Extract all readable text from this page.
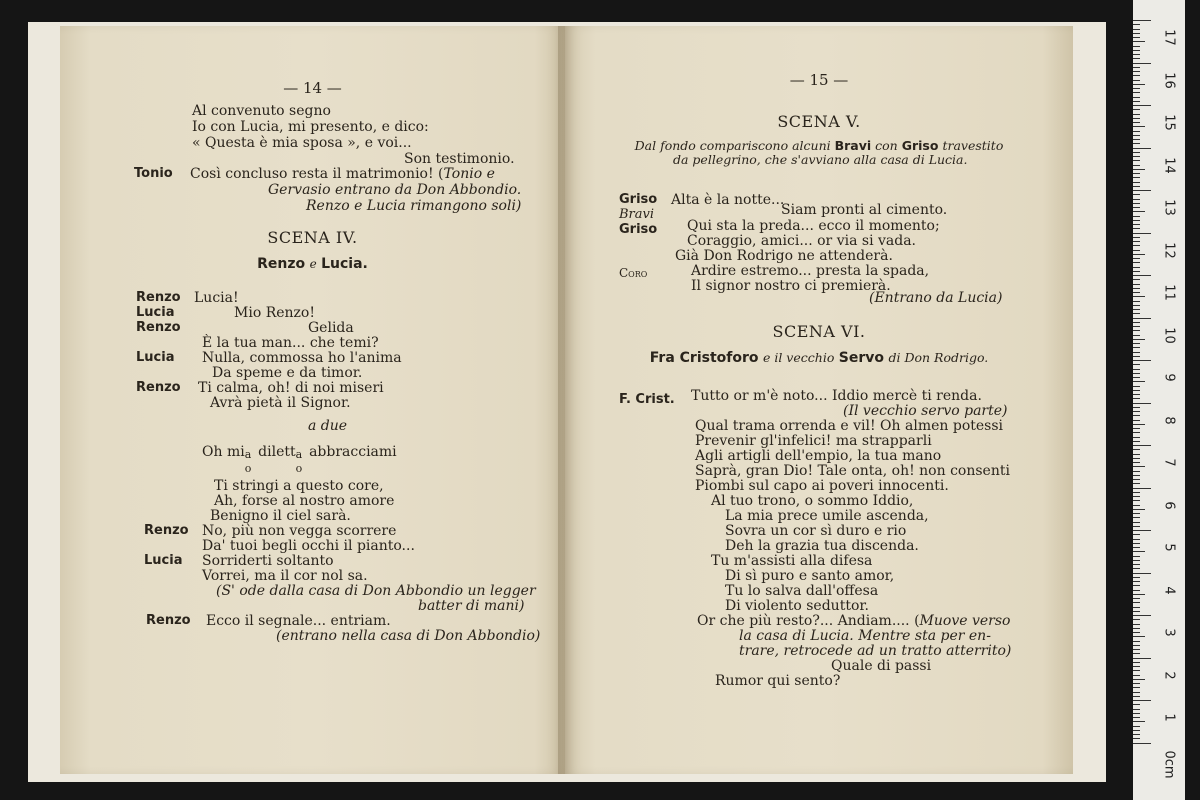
— 14 —
Al convenuto segno
Io con Lucia, mi presento, e dico:
« Questa è mia sposa », e voi...
Son testimonio.
Tonio Così concluso resta il matrimonio! (Tonio e
Gervasio entrano da Don Abbondio.
Renzo e Lucia rimangono soli)
SCENA IV.
Renzo e Lucia.
Renzo Lucia!
Lucia	Mio Renzo!
Renzo	Gelida
È la tua man... che temi?
Lucia Nulla, commossa ho l'anima
Da speme e da timor.
Renzo Ti calma, oh! di noi miseri
Avrà pietà il Signor.
a due
Oh mi a
o
dilett a
o
abbracciami
Ti stringi a questo core,
Ah, forse al nostro amore
Benigno il ciel sarà.
Renzo No, più non vegga scorrere
Da' tuoi begli occhi il pianto...
Lucia Sorriderti soltanto
Vorrei, ma il cor nol sa.
(S' ode dalla casa di Don Abbondio un legger
batter di mani)
Renzo Ecco il segnale... entriam.
(entrano nella casa di Don Abbondio)
— 15 —
SCENA V.
Dal fondo compariscono alcuni Bravi con Griso travestito
da pellegrino, che s'avviano alla casa di Lucia.
Griso Alta è la notte...
Bravi	Siam pronti al cimento.
Griso Qui sta la preda... ecco il momento;
Coraggio, amici... or via si vada.
Già Don Rodrigo ne attenderà.
Coro	Ardire estremo... presta la spada,
Il signor nostro ci premierà.
(Entrano da Lucia)
SCENA VI.
Fra Cristoforo e il vecchio Servo di Don Rodrigo.
F. Crist. Tutto or m'è noto... Iddio mercè ti renda.
(Il vecchio servo parte)
Qual trama orrenda e vil! Oh almen potessi
Prevenir gl'infelici! ma strapparli
Agli artigli dell'empio, la tua mano
Saprà, gran Dio! Tale onta, oh! non consenti
Piombi sul capo ai poveri innocenti.
Al tuo trono, o sommo Iddio,
La mia prece umile ascenda,
Sovra un cor sì duro e rio
Deh la grazia tua discenda.
Tu m'assisti alla difesa
Di sì puro e santo amor,
Tu lo salva dall'offesa
Di violento seduttor.
Or che più resto?... Andiam.... (Muove verso
la casa di Lucia. Mentre sta per en-
trare, retrocede ad un tratto atterrito)
Quale di passi
Rumor qui sento?
17
16
15
14
13
12
11
10
9
8
7
6
5
4
3
2
1
0cm
